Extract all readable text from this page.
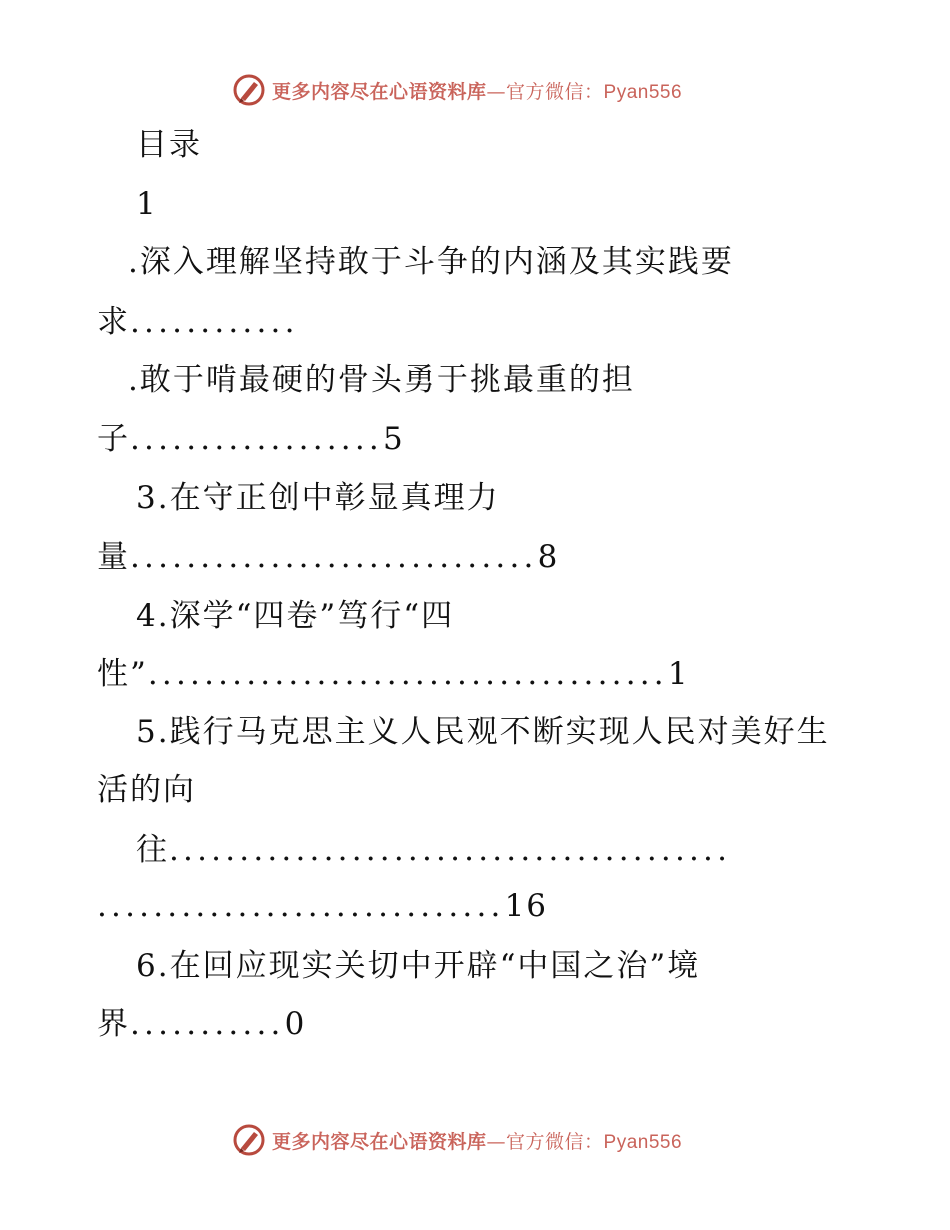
更多内容尽在心语资料库—官方微信：Pyan556
目录
1
.深入理解坚持敢于斗争的内涵及其实践要
求............
.敢于啃最硬的骨头勇于挑最重的担
子..................5
3.在守正创中彰显真理力
量.............................8
4.深学“四卷”笃行“四
性”.....................................1
5.践行马克思主义人民观不断实现人民对美好生
活的向
往........................................
.............................16
6.在回应现实关切中开辟“中国之治”境
界...........0
更多内容尽在心语资料库—官方微信：Pyan556
